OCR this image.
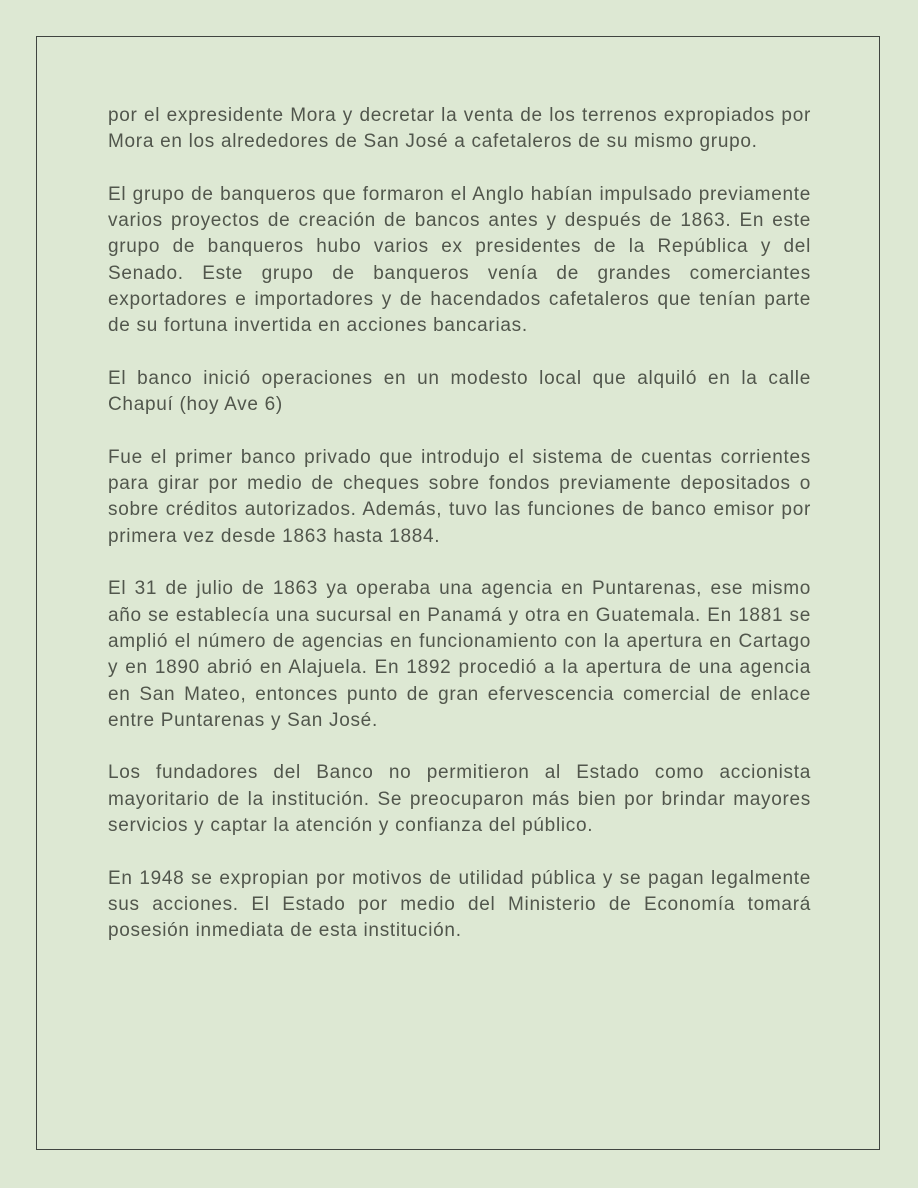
por el expresidente Mora y decretar la venta de los terrenos expropiados por Mora en los alrededores de San José a cafetaleros de su mismo grupo.

El grupo de banqueros que formaron el Anglo habían impulsado previamente varios proyectos de creación de bancos antes y después de 1863. En este grupo de banqueros hubo varios ex presidentes de la República y del Senado. Este grupo de banqueros venía de grandes comerciantes exportadores e importadores y de hacendados cafetaleros que tenían parte de su fortuna invertida en acciones bancarias.

El banco inició operaciones en un modesto local que alquiló en la calle Chapuí (hoy Ave 6)

Fue el primer banco privado que introdujo el sistema de cuentas corrientes para girar por medio de cheques sobre fondos previamente depositados o sobre créditos autorizados. Además, tuvo las funciones de banco emisor por primera vez desde 1863 hasta 1884.

El 31 de julio de 1863 ya operaba una agencia en Puntarenas, ese mismo año se establecía una sucursal en Panamá y otra en Guatemala. En 1881 se amplió el número de agencias en funcionamiento con la apertura en Cartago y en 1890 abrió en Alajuela. En 1892 procedió a la apertura de una agencia en San Mateo, entonces punto de gran efervescencia comercial de enlace entre Puntarenas y San José.

Los fundadores del Banco no permitieron al Estado como accionista mayoritario de la institución. Se preocuparon más bien por brindar mayores servicios y captar la atención y confianza del público.

En 1948 se expropian por motivos de utilidad pública y se pagan legalmente sus acciones. El Estado por medio del Ministerio de Economía tomará posesión inmediata de esta institución.
